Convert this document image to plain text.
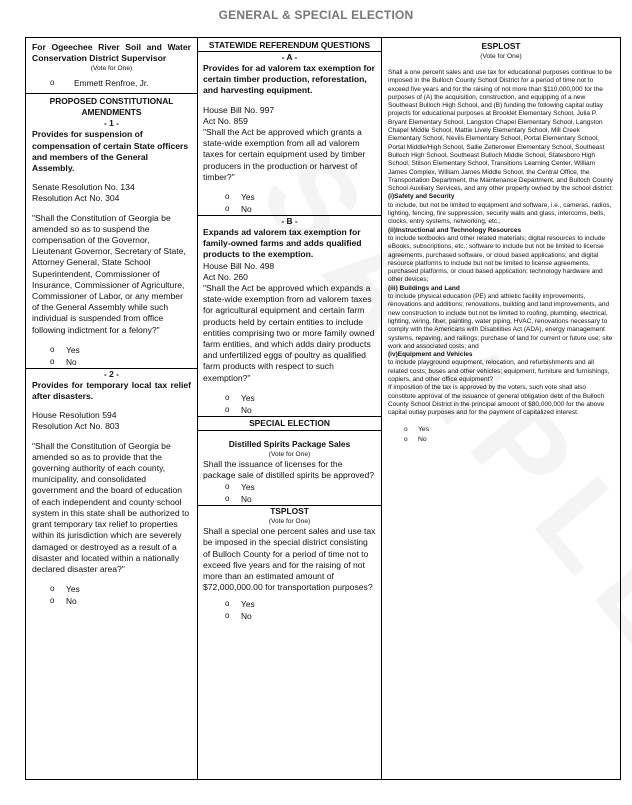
GENERAL & SPECIAL ELECTION
For Ogeechee River Soil and Water Conservation District Supervisor
(Vote for One)
o	Emmett Renfroe, Jr.
PROPOSED CONSTITUTIONAL AMENDMENTS
- 1 -
Provides for suspension of compensation of certain State officers and members of the General Assembly.
Senate Resolution No. 134
Resolution Act No. 304
"Shall the Constitution of Georgia be amended so as to suspend the compensation of the Governor, Lieutenant Governor, Secretary of State, Attorney General, State School Superintendent, Commissioner of Insurance, Commissioner of Agriculture, Commissioner of Labor, or any member of the General Assembly while such individual is suspended from office following indictment for a felony?"
o	Yes
o	No
- 2 -
Provides for temporary local tax relief after disasters.
House Resolution 594
Resolution Act No. 803
"Shall the Constitution of Georgia be amended so as to provide that the governing authority of each county, municipality, and consolidated government and the board of education of each independent and county school system in this state shall be authorized to grant temporary tax relief to properties within its jurisdiction which are severely damaged or destroyed as a result of a disaster and located within a nationally declared disaster area?"
o	Yes
o	No
STATEWIDE REFERENDUM QUESTIONS
- A -
Provides for ad valorem tax exemption for certain timber production, reforestation, and harvesting equipment.
House Bill No. 997
Act No. 859
"Shall the Act be approved which grants a state-wide exemption from all ad valorem taxes for certain equipment used by timber producers in the production or harvest of timber?"
o	Yes
o	No
- B -
Expands ad valorem tax exemption for family-owned farms and adds qualified products to the exemption.
House Bill No. 498
Act No. 260
"Shall the Act be approved which expands a state-wide exemption from ad valorem taxes for agricultural equipment and certain farm products held by certain entities to include entities comprising two or more family owned farm entities, and which adds dairy products and unfertilized eggs of poultry as qualified farm products with respect to such exemption?"
o	Yes
o	No
SPECIAL ELECTION
Distilled Spirits Package Sales
(Vote for One)
Shall the issuance of licenses for the package sale of distilled spirits be approved?
o	Yes
o	No
TSPLOST
(Vote for One)
Shall a special one percent sales and use tax be imposed in the special district consisting of Bulloch County for a period of time not to exceed five years and for the raising of not more than an estimated amount of $72,000,000.00 for transportation purposes?
o	Yes
o	No
ESPLOST
(Vote for One)
Shall a one percent sales and use tax for educational purposes continue to be imposed in the Bulloch County School District for a period of time not to exceed five years and for the raising of not more than $110,000,000 for the purposes of (A) the acquisition, construction, and equipping of a new Southeast Bulloch High School, and (B) funding the following capital outlay projects for educational purposes at Brooklet Elementary School, Julia P. Bryant Elementary School, Langston Chapel Elementary School, Langston Chapel Middle School, Mattie Lively Elementary School, Mill Creek Elementary School, Nevils Elementary School, Portal Elementary School, Portal Middle/High School, Sallie Zetterower Elementary School, Southeast Bulloch High School, Southeast Bulloch Middle School, Statesboro High School, Stilson Elementary School, Transitions Learning Center, William James Complex, William James Middle School, the Central Office, the Transportation Department, the Maintenance Department, and Bulloch County School Auxiliary Services, and any other property owned by the school district:
(i)Safety and Security
to include, but not be limited to equipment and software, i.e., cameras, radios, lighting, fencing, fire suppression, security walls and glass, intercoms, bells, clocks, entry systems, networking, etc.;
(ii)Instructional and Technology Resources
to include textbooks and other related materials; digital resources to include eBooks, subscriptions, etc.; software to include but not be limited to license agreements, purchased software, or cloud based applications; and digital resource platforms to include but not be limited to license agreements, purchased platforms, or cloud based application; technology hardware and other devices;
(iii) Buildings and Land
to include physical education (PE) and athletic facility improvements, renovations and additions; renovations, building and land improvements, and new construction to include but not be limited to roofing, plumbing, electrical, lighting, wiring, fiber, painting, water piping, HVAC, renovations necessary to comply with the Americans with Disabilities Act (ADA), energy management systems, repaving, and railings; purchase of land for current or future use; site work and associated costs; and
(iv)Equipment and Vehicles
to include playground equipment, relocation, and refurbishments and all related costs; buses and other vehicles; equipment, furniture and furnishings, copiers, and other office equipment?
If imposition of the tax is approved by the voters, such vote shall also constitute approval of the issuance of general obligation debt of the Bulloch County School District in the principal amount of $80,000,000 for the above capital outlay purposes and for the payment of capitalized interest.
o	Yes
o	No
